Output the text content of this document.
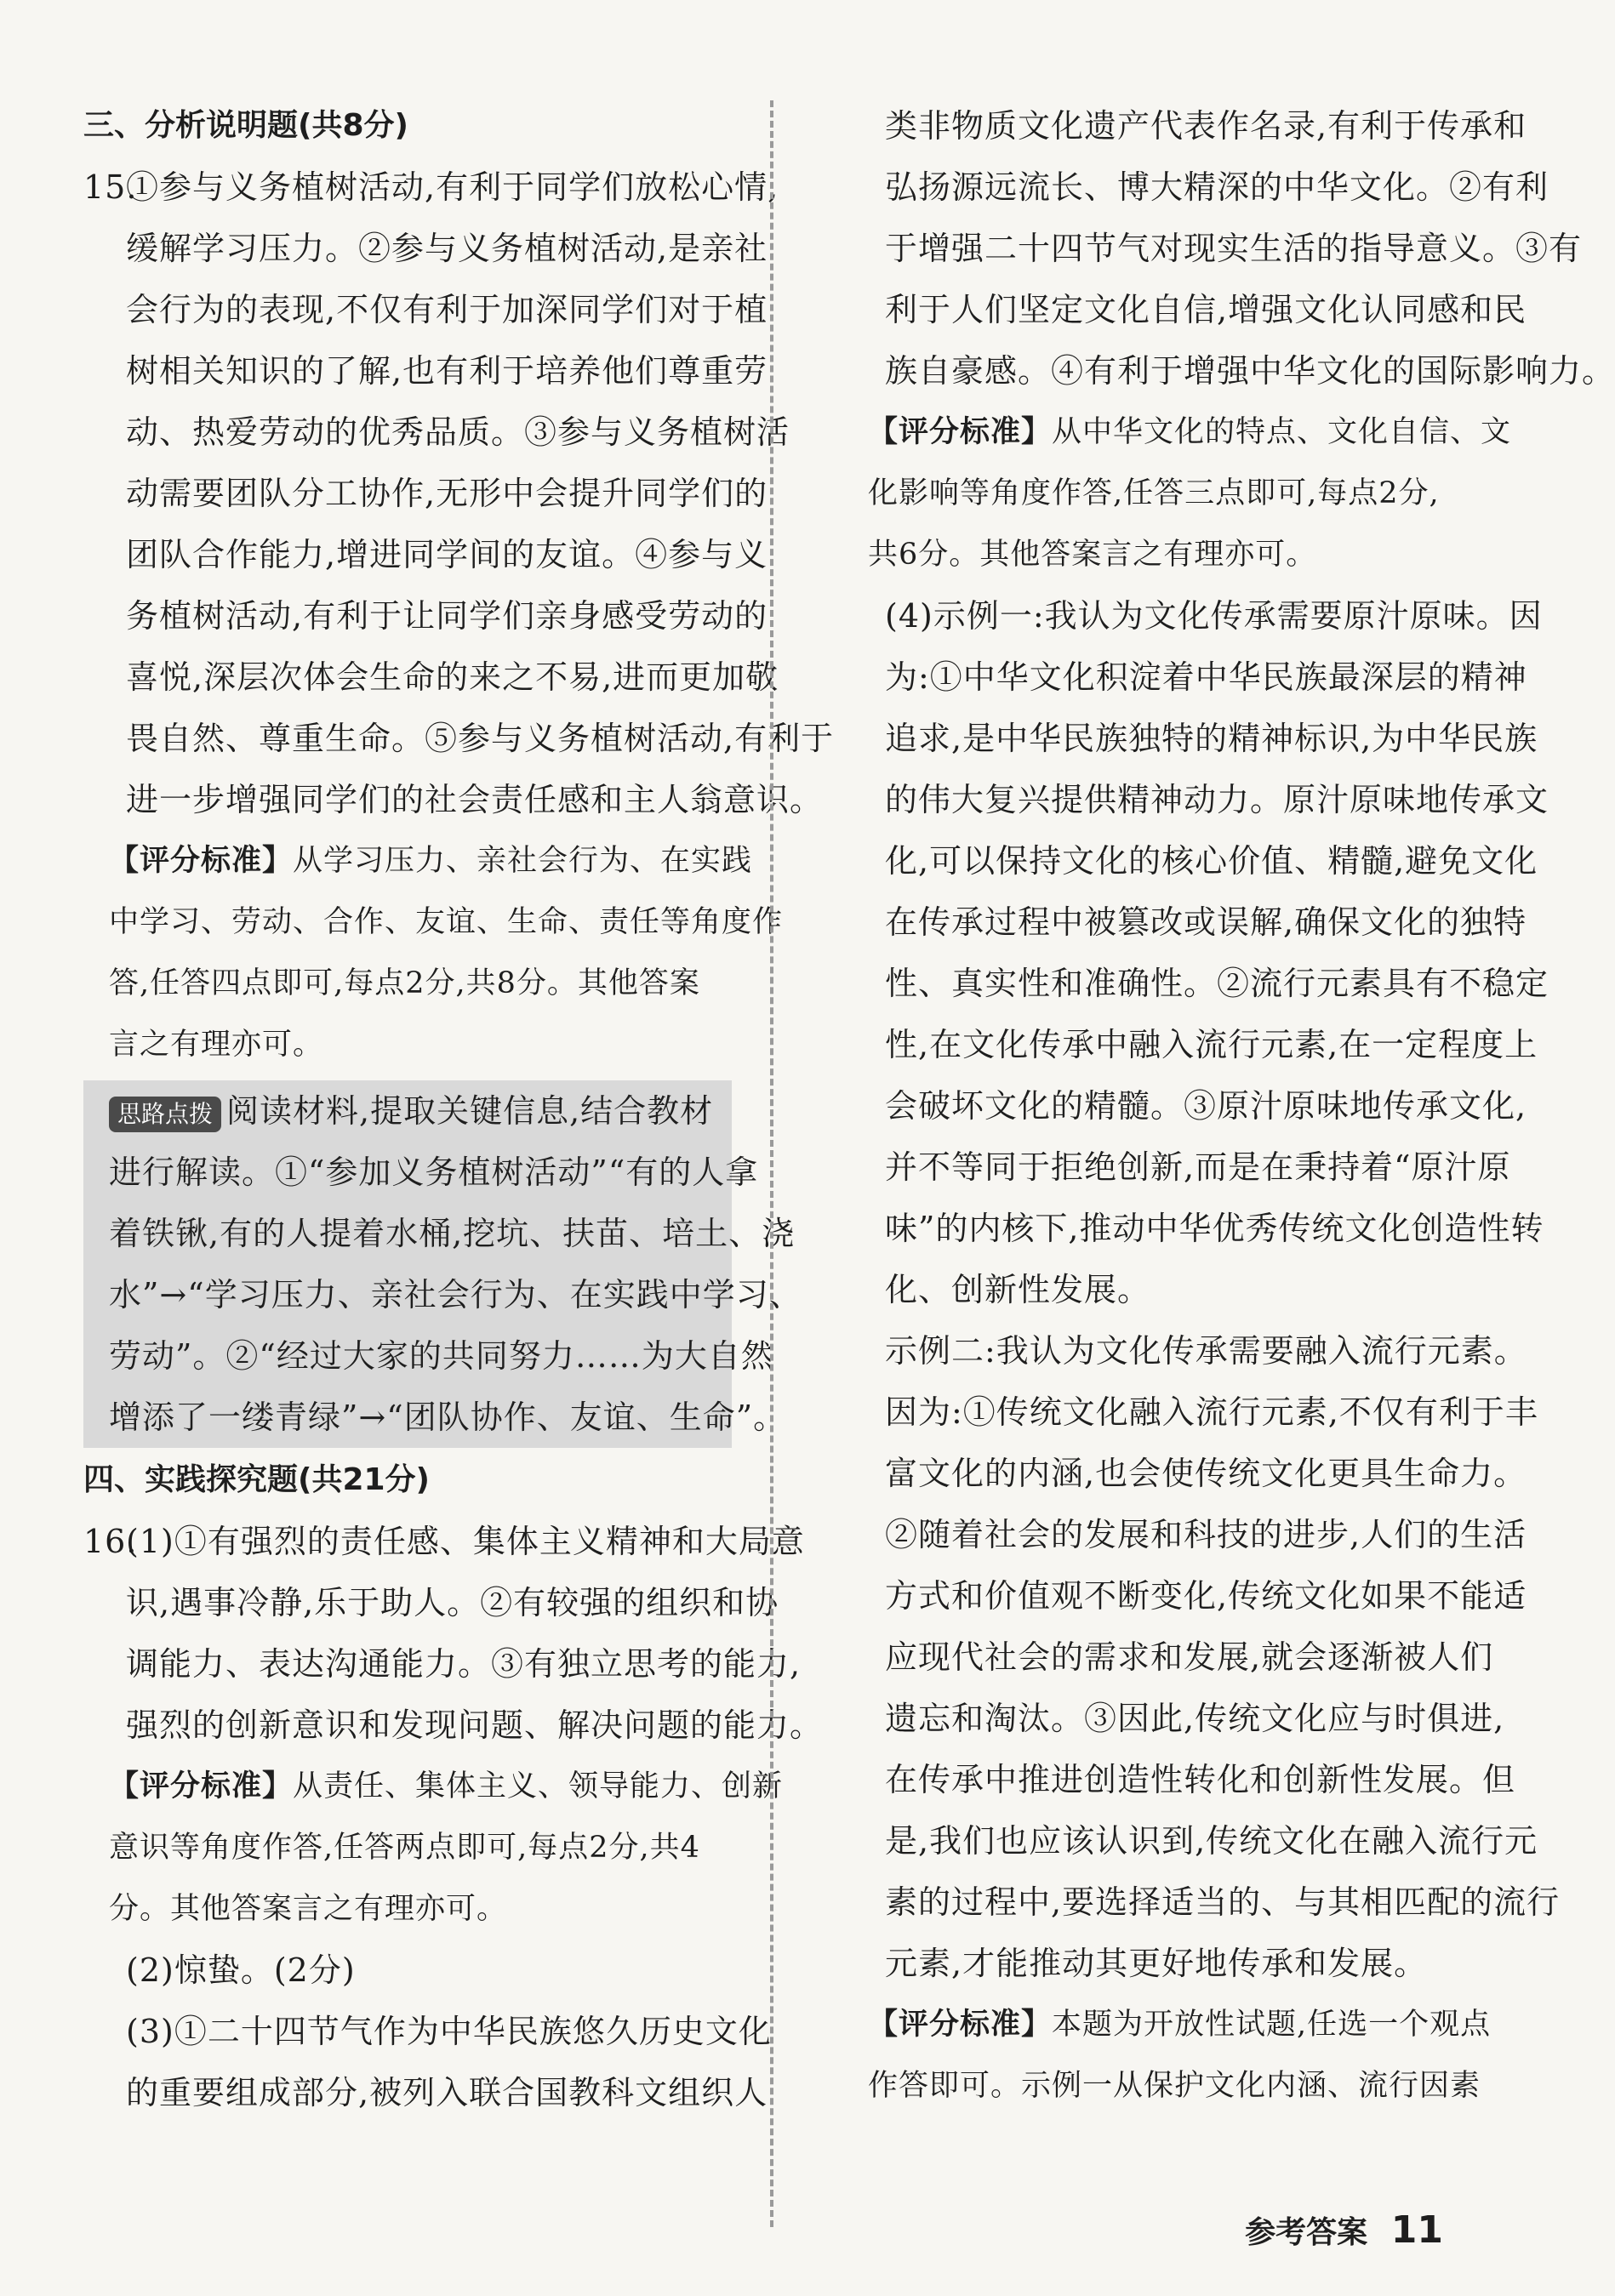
三、分析说明题(共8分)
15.①参与义务植树活动,有利于同学们放松心情,
缓解学习压力。②参与义务植树活动,是亲社
会行为的表现,不仅有利于加深同学们对于植
树相关知识的了解,也有利于培养他们尊重劳
动、热爱劳动的优秀品质。③参与义务植树活
动需要团队分工协作,无形中会提升同学们的
团队合作能力,增进同学间的友谊。④参与义
务植树活动,有利于让同学们亲身感受劳动的
喜悦,深层次体会生命的来之不易,进而更加敬
畏自然、尊重生命。⑤参与义务植树活动,有利于
进一步增强同学们的社会责任感和主人翁意识。
【评分标准】从学习压力、亲社会行为、在实践
中学习、劳动、合作、友谊、生命、责任等角度作
答,任答四点即可,每点2分,共8分。其他答案
言之有理亦可。
思路点拨 阅读材料,提取关键信息,结合教材
进行解读。①“参加义务植树活动”“有的人拿
着铁锹,有的人提着水桶,挖坑、扶苗、培土、浇
水”→“学习压力、亲社会行为、在实践中学习、
劳动”。②“经过大家的共同努力……为大自然
增添了一缕青绿”→“团队协作、友谊、生命”。
四、实践探究题(共21分)
16.(1)①有强烈的责任感、集体主义精神和大局意
识,遇事冷静,乐于助人。②有较强的组织和协
调能力、表达沟通能力。③有独立思考的能力,
强烈的创新意识和发现问题、解决问题的能力。
【评分标准】从责任、集体主义、领导能力、创新
意识等角度作答,任答两点即可,每点2分,共4
分。其他答案言之有理亦可。
(2)惊蛰。(2分)
(3)①二十四节气作为中华民族悠久历史文化
的重要组成部分,被列入联合国教科文组织人
类非物质文化遗产代表作名录,有利于传承和
弘扬源远流长、博大精深的中华文化。②有利
于增强二十四节气对现实生活的指导意义。③有
利于人们坚定文化自信,增强文化认同感和民
族自豪感。④有利于增强中华文化的国际影响力。
【评分标准】从中华文化的特点、文化自信、文
化影响等角度作答,任答三点即可,每点2分,
共6分。其他答案言之有理亦可。
(4)示例一:我认为文化传承需要原汁原味。因
为:①中华文化积淀着中华民族最深层的精神
追求,是中华民族独特的精神标识,为中华民族
的伟大复兴提供精神动力。原汁原味地传承文
化,可以保持文化的核心价值、精髓,避免文化
在传承过程中被篡改或误解,确保文化的独特
性、真实性和准确性。②流行元素具有不稳定
性,在文化传承中融入流行元素,在一定程度上
会破坏文化的精髓。③原汁原味地传承文化,
并不等同于拒绝创新,而是在秉持着“原汁原
味”的内核下,推动中华优秀传统文化创造性转
化、创新性发展。
示例二:我认为文化传承需要融入流行元素。
因为:①传统文化融入流行元素,不仅有利于丰
富文化的内涵,也会使传统文化更具生命力。
②随着社会的发展和科技的进步,人们的生活
方式和价值观不断变化,传统文化如果不能适
应现代社会的需求和发展,就会逐渐被人们
遗忘和淘汰。③因此,传统文化应与时俱进,
在传承中推进创造性转化和创新性发展。但
是,我们也应该认识到,传统文化在融入流行元
素的过程中,要选择适当的、与其相匹配的流行
元素,才能推动其更好地传承和发展。
【评分标准】本题为开放性试题,任选一个观点
作答即可。示例一从保护文化内涵、流行因素
参考答案 11
